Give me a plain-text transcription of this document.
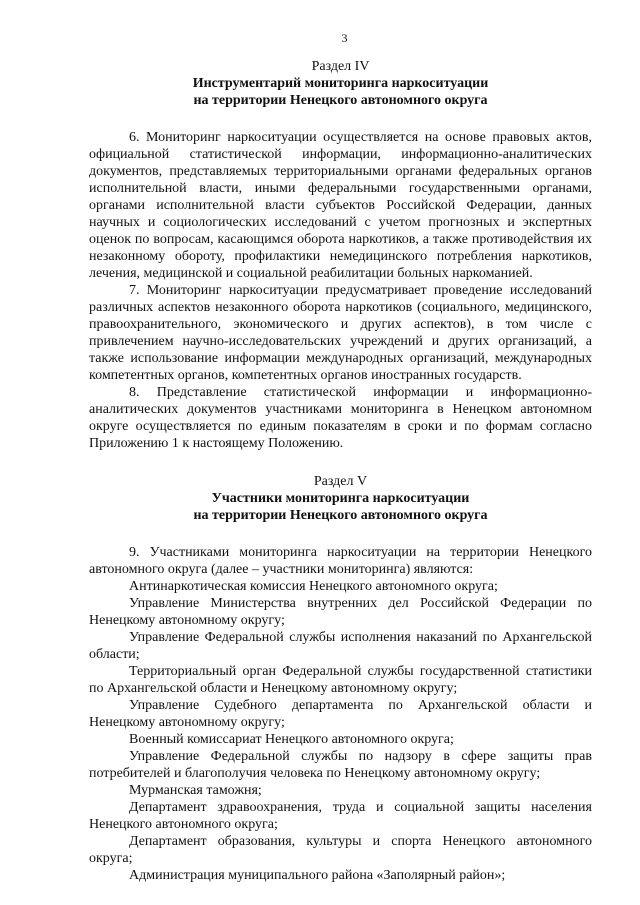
3

Раздел IV

Инструментарий мониторинга наркоситуации

на территории Ненецкого автономного округа

6. Мониторинг наркоситуации осуществляется на основе правовых актов, официальной статистической информации, информационно-аналитических документов, представляемых территориальными органами федеральных органов исполнительной власти, иными федеральными государственными органами, органами исполнительной власти субъектов Российской Федерации, данных научных и социологических исследований с учетом прогнозных и экспертных оценок по вопросам, касающимся оборота наркотиков, а также противодействия их незаконному обороту, профилактики немедицинского потребления наркотиков, лечения, медицинской и социальной реабилитации больных наркоманией.

7. Мониторинг наркоситуации предусматривает проведение исследований различных аспектов незаконного оборота наркотиков (социального, медицинского, правоохранительного, экономического и других аспектов), в том числе с привлечением научно-исследовательских учреждений и других организаций, а также использование информации международных организаций, международных компетентных органов, компетентных органов иностранных государств.

8. Представление статистической информации и информационно-аналитических документов участниками мониторинга в Ненецком автономном округе осуществляется по единым показателям в сроки и по формам согласно Приложению 1 к настоящему Положению.

Раздел V

Участники мониторинга наркоситуации

на территории Ненецкого автономного округа

9. Участниками мониторинга наркоситуации на территории Ненецкого автономного округа (далее – участники мониторинга) являются:

Антинаркотическая комиссия Ненецкого автономного округа;

Управление Министерства внутренних дел Российской Федерации по Ненецкому автономному округу;

Управление Федеральной службы исполнения наказаний по Архангельской области;

Территориальный орган Федеральной службы государственной статистики по Архангельской области и Ненецкому автономному округу;

Управление Судебного департамента по Архангельской области и Ненецкому автономному округу;

Военный комиссариат Ненецкого автономного округа;

Управление Федеральной службы по надзору в сфере защиты прав потребителей и благополучия человека по Ненецкому автономному округу;

Мурманская таможня;

Департамент здравоохранения, труда и социальной защиты населения Ненецкого автономного округа;

Департамент образования, культуры и спорта Ненецкого автономного округа;

Администрация муниципального района «Заполярный район»;
